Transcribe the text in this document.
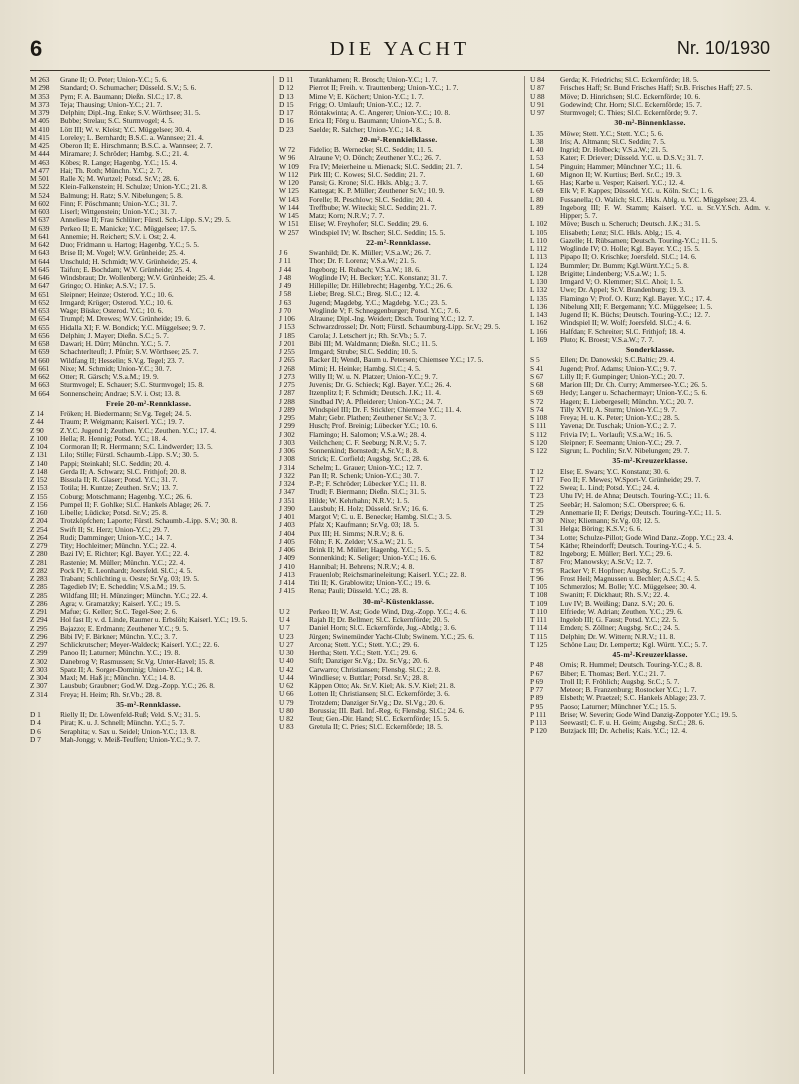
6	DIE YACHT	Nr. 10/1930
M 263	Grane II; O. Peter; Union-Y.C.; 5. 6.
M 298	Standard; O. Schumacher; Düsseld. S.V.; 5. 6.
M 353	Pym; F. A. Baumann; Dießn. Sl.C.; 17. 8.
M 373	Teja; Thausing; Union-Y.C.; 21. 7.
M 379	Delphin; Dipl.-Ing. Enke; S.V. Wörthsee; 31. 5.
M 405	Bubbe; Strelau; S.C. Sturmvogel; 4. 5.
M 410	Lött III; W. v. Kleist; Y.C. Müggelsee; 30. 4.
M 415	Loreley; L. Bernhardt; B.S.C. a. Wannsee; 21. 4.
M 425	Oberon II; E. Hirschmann; B.S.C. a. Wannsee; 2. 7.
M 444	Miramare; J. Schröder; Hambg. S.C.; 21. 4.
M 463	Köbes; R. Lange; Hagenbg. Y.C.; 15. 4.
M 477	Hai; Th. Roth; Münchn. Y.C.; 2. 7.
M 501	Ralle X; M. Wurtzel; Potsd. Sr.V.; 28. 6.
M 522	Klein-Falkenstein; H. Schulze; Union-Y.C.; 21. 8.
M 524	Balmung; H. Ratz; S.V. Nibelungen; 5. 8.
M 602	Finn; F. Pöschmann; Union-Y.C.; 31. 7.
M 603	Liserl; Wittgenstein; Union-Y.C.; 31. 7.
M 637	Anneliese II; Frau Schlüter; Fürstl. Sch.-Lipp. S.V.; 29. 5.
M 639	Perkeo II; E. Manicke; Y.C. Müggelsee; 17. 5.
M 641	Annemie; H. Reichert; S.V. i. Ost; 2. 4.
M 642	Duo; Fridmann u. Hartog; Hagenbg. Y.C.; 5. 5.
M 643	Brise II; M. Vogel; W.V. Grünheide; 25. 4.
M 644	Unschuld; H. Schmidt; W.V. Grünheide; 25. 4.
M 645	Taifun; E. Bochdam; W.V. Grünheide; 25. 4.
M 646	Windsbraut; Dr. Wollenberg; W.V. Grünheide; 25. 4.
M 647	Gringo; O. Hinke; A.S.V.; 17. 5.
M 651	Sleipner; Heinze; Osterod. Y.C.; 10. 6.
M 652	Irmgard; Krüger; Osterod. Y.C.; 10. 6.
M 653	Wage; Büske; Osterod. Y.C.; 10. 6.
M 654	Trumpf; M. Drewes; W.V. Grünheide; 19. 6.
M 655	Hidalla XI; F. W. Bondick; Y.C. Müggelsee; 9. 7.
M 656	Delphin; J. Mayer; Dießn. S.C.; 5. 7.
M 658	Dawari; H. Dürr; Münchn. Y.C.; 5. 7.
M 659	Schachterlteufl; J. Pfnür; S.V. Wörthsee; 25. 7.
M 660	Wildfang II; Hesselin; S.V.g. Tegel; 23. 7.
M 661	Nixe; M. Schmidt; Union-Y.C.; 30. 7.
M 662	Otter; R. Gärsch; V.S.a.M.; 19. 9.
M 663	Sturmvogel; E. Schauer; S.C. Sturmvogel; 15. 8.
M 664	Sonnenschein; Andrae; S.V. i. Ost; 13. 8.
Freie 20-m²-Rennklasse.
Z 14	Fröken; H. Biedermann; Sr.Vg. Tegel; 24. 5.
Z 44	Traum; P. Weigmann; Kaiserl. Y.C.; 19. 7.
Z 90	Z.Y.C. Jugend I; Zeuthen. Y.C.; Zeuthen. Y.C.; 17. 4.
Z 100	Hella; R. Hennig; Potsd. Y.C.; 18. 4.
Z 104	Cormoran II; R. Herrmann; S.C. Lindwerder; 13. 5.
Z 131	Lilo; Stille; Fürstl. Schaumb.-Lipp. S.V.; 30. 5.
Z 140	Pappi; Steinkahl; Sl.C. Seddin; 20. 4.
Z 148	Gerda II; A. Schwarz; Sl.C. Frithjof; 20. 8.
Z 152	Bissula II; R. Glaser; Potsd. Y.C.; 31. 7.
Z 153	Totila; H. Kuntze; Zeuthen. Sr.V.; 13. 7.
Z 155	Coburg; Motschmann; Hagenbg. Y.C.; 26. 6.
Z 156	Pumpel II; F. Gohlke; Sl.C. Hankels Ablage; 26. 7.
Z 160	Libelle; Lüdicke; Potsd. Sr.V.; 25. 8.
Z 204	Trotzköpfchen; Laporte; Fürstl. Schaumb.-Lipp. S.V.; 30. 8.
Z 254	Swift II; St. Herz; Union-Y.C.; 29. 7.
Z 264	Rudi; Damminger; Union-Y.C.; 14. 7.
Z 279	Tity; Hochleitner; Münchn. Y.C.; 22. 4.
Z 280	Bazi IV; E. Richter; Kgl. Bayer. Y.C.; 22. 4.
Z 281	Rastenie; M. Müller; Münchn. Y.C.; 22. 4.
Z 282	Pock IV; E. Leonhardt; Joersfeld. Sl.C.; 4. 5.
Z 283	Trabant; Schlichting u. Oeste; Sr.Vg. 03; 19. 5.
Z 285	Tagedieb IV; E. Scheddin; V.S.a.M.; 19. 5.
Z 285	Wildfang III; H. Münzinger; Münchn. Y.C.; 22. 4.
Z 286	Agra; v. Gramatzky; Kaiserl. Y.C.; 19. 5.
Z 291	Mafue; G. Keller; Sr.C. Tegel-See; 2. 6.
Z 294	Hol fast II; v. d. Linde, Raumer u. Erbslöh; Kaiserl. Y.C.; 19. 5.
Z 295	Bajazzo; E. Erdmann; Zeuthener Y.C.; 9. 5.
Z 296	Bibi IV; F. Birkner; Münchn. Y.C.; 3. 7.
Z 297	Schlickrutscher; Meyer-Waldeck; Kaiserl. Y.C.; 22. 6.
Z 299	Panoo II; Laturner; Münchn. Y.C.; 19. 8.
Z 302	Danebrog V; Rasmussen; Sr.Vg. Unter-Havel; 15. 8.
Z 303	Spatz II; A. Sorger-Dominig; Union-Y.C.; 14. 8.
Z 304	Maxl; M. Haß jr.; Münchn. Y.C.; 14. 8.
Z 307	Lausbub; Graubner; God.W. Dzg.-Zopp. Y.C.; 26. 8.
Z 314	Freya; H. Heim; Rh. Sr.Vb.; 28. 8.
35-m²-Rennklasse.
D 1	Rielly II; Dr. Löwenfeld-Ruß; Veld. S.V.; 31. 5.
D 4	Pirat; K. u. J. Schnell; Münchn. Y.C.; 5. 7.
D 6	Seraphita; v. Sax u. Seidel; Union-Y.C.; 13. 8.
D 7	Mah-Jongg; v. Meiß-Teuffen; Union-Y.C.; 9. 7.
D 11	Tutankhamen; R. Brosch; Union-Y.C.; 1. 7.
D 12	Pierrot II; Freih. v. Trauttenberg; Union-Y.C.; 1. 7.
D 13	Mime V; E. Köchert; Union-Y.C.; 1. 7.
D 15	Frigg; O. Umlauft; Union-Y.C.; 12. 7.
D 17	Röntakwinta; A. C. Angerer; Union-Y.C.; 10. 8.
D 16	Erica II; Förg u. Baumann; Union-Y.C.; 5. 8.
D 23	Saelde; R. Salcher; Union-Y.C.; 14. 8.
20-m²-Rennkielklasse.
W 72	Fidelio; B. Wernecke; Sl.C. Seddin; 11. 5.
W 96	Alraune V; O. Dönch; Zeuthener Y.C.; 26. 7.
W 109	Fra IV; Meierheine u. Mienack; Sl.C. Seddin; 21. 7.
W 112	Pirk III; C. Kowes; Sl.C. Seddin; 21. 7.
W 120	Pansi; G. Krone; Sl.C. Hkls. Ablg.; 3. 7.
W 125	Kattegat; K. P. Müller; Zeuthener Sr.V.; 10. 9.
W 143	Forelle; R. Peschlow; Sl.C. Seddin; 20. 4.
W 144	Treffbube; W. Witecki; Sl.C. Seddin; 21. 7.
W 145	Matz; Korn; N.R.V.; 7. 7.
W 151	Elise; W. Freyhofer; Sl.C. Seddin; 29. 6.
W 257	Windspiel IV; W. Ibscher; Sl.C. Seddin; 15. 5.
22-m²-Rennklasse.
J 6	Swanhild; Dr. K. Müller; V.S.a.W.; 26. 7.
J 11	Thor; Dr. F. Lorenz; V.S.a.W.; 21. 5.
J 44	Ingeborg; H. Rubach; V.S.a.W.; 18. 6.
J 48	Woglinde IV; H. Becker; Y.C. Konstanz; 31. 7.
J 49	Hillepille; Dr. Hillebrecht; Hagenbg. Y.C.; 26. 6.
J 58	Liebe; Breg. Sl.C.; Breg. Sl.C.; 12. 4.
J 63	Jugend; Magdebg. Y.C.; Magdebg. Y.C.; 23. 5.
J 70	Woglinde V; F. Schneggenburger; Potsd. Y.C.; 7. 6.
J 106	Alraune; Dipl.-Ing. Weidert; Dtsch. Touring Y.C.; 12. 7.
J 153	Schwarzdrossel; Dr. Nott; Fürstl. Schaumburg-Lipp. Sr.V.; 29. 5.
J 185	Carola; J. Letschert jr.; Rh. Sr.Vb.; 5. 7.
J 201	Bibi III; M. Waldmann; Dießn. Sl.C.; 11. 5.
J 255	Irmgard; Strube; Sl.C. Seddin; 10. 5.
J 265	Racker II; Wendl, Baum u. Petersen; Chiemsee Y.C.; 17. 5.
J 268	Mimi; H. Heinke; Hambg. Sl.C.; 4. 5.
J 273	Willy II; W. u. N. Platzer; Union-Y.C.; 9. 7.
J 275	Juvenis; Dr. G. Schieck; Kgl. Bayer. Y.C.; 26. 4.
J 287	Itzenplitz I; F. Schmidt; Deutsch. J.K.; 11. 4.
J 288	Sindbad IV; A. Pfleiderer; Union-Y.C.; 24. 7.
J 289	Windspiel III; Dr. F. Stickler; Chiemsee Y.C.; 11. 4.
J 295	Mahr; Gebr. Plathen; Zeuthener Sr.V.; 3. 7.
J 299	Husch; Prof. Breinig; Lübecker Y.C.; 10. 6.
J 302	Flamingo; H. Salomon; V.S.a.W.; 28. 4.
J 303	Veilchchen; C. F. Seeburg; N.R.V.; 5. 7.
J 306	Sonnenkind; Bornstedt; A.Sr.V.; 8. 8.
J 308	Strick; E. Corfield; Augsbg. Sr.C.; 28. 6.
J 314	Schelm; L. Grauer; Union-Y.C.; 12. 7.
J 322	Pan II; R. Schenk; Union-Y.C.; 30. 7.
J 324	P.-P.; F. Schröder; Lübecker Y.C.; 11. 8.
J 347	Trudl; F. Biermann; Dießn. Sl.C.; 31. 5.
J 351	Hilde; W. Kehrhahn; N.R.V.; 1. 5.
J 390	Lausbub; H. Holz; Düsseld. Sr.V.; 16. 6.
J 401	Margot V; C. u. E. Benecke; Hambg. Sl.C.; 3. 5.
J 403	Pfalz X; Kaufmann; Sr.Vg. 03; 18. 5.
J 404	Pux III; H. Simms; N.R.V.; 8. 6.
J 405	Föhn; F. K. Zelder; V.S.a.W.; 21. 5.
J 406	Brink II; M. Müller; Hagenbg. Y.C.; 5. 5.
J 409	Sonnenkind; K. Seliger; Union-Y.C.; 16. 6.
J 410	Hannibal; H. Behrens; N.R.V.; 4. 8.
J 413	Frauenlob; Reichsmarineleitung; Kaiserl. Y.C.; 22. 8.
J 414	Titi II; K. Grablowitz; Union-Y.C.; 19. 6.
J 415	Rena; Pauli; Düsseld. Y.C.; 28. 8.
30-m²-Küstenklasse.
U 2	Perkeo II; W. Ast; Gode Wind, Dzg.-Zopp. Y.C.; 4. 6.
U 4	Rajah II; Dr. Bellmer; Sl.C. Eckernförde; 20. 5.
U 7	Daniel Horn; Sl.C. Eckernförde, Jug.-Abtlg.; 3. 6.
U 23	Jürgen; Swinemünder Yacht-Club; Swinem. Y.C.; 25. 6.
U 27	Arcona; Stett. Y.C.; Stett. Y.C.; 29. 6.
U 30	Hertha; Stett. Y.C.; Stett. Y.C.; 29. 6.
U 40	Stift; Danziger Sr.Vg.; Dz. Sr.Vg.; 20. 6.
U 42	Carwarro; Christiansen; Flensbg. Sl.C.; 2. 8.
U 44	Windliese; v. Buttlar; Potsd. Sr.V.; 28. 8.
U 62	Käppen Otto; Ak. Sr.V. Kiel; Ak. S.V. Kiel; 21. 8.
U 66	Lotten II; Christiansen; Sl.C. Eckernförde; 3. 6.
U 79	Trotzdem; Danziger Sr.Vg.; Dz. Sl.Vg.; 20. 6.
U 80	Borussia; III. Batl. Inf.-Reg. 6; Flensbg. Sl.C.; 24. 6.
U 82	Teut; Gen.-Dir. Hand; Sl.C. Eckernförde; 15. 5.
U 83	Gretula II; C. Pries; Sl.C. Eckernförde; 18. 5.
U 84	Gerda; K. Friedrichs; Sl.C. Eckernförde; 18. 5.
U 87	Frisches Haff; Sr. Bund Frisches Haff; Sr.B. Frisches Haff; 27. 5.
U 88	Möve; D. Hinrichsen; Sl.C. Eckernförde; 10. 6.
U 91	Godewind; Chr. Horn; Sl.C. Eckernförde; 15. 7.
U 97	Sturmvogel; C. Thies; Sl.C. Eckernförde; 9. 7.
30-m²-Binnenklasse.
L 35	Möwe; Stett. Y.C.; Stett. Y.C.; 5. 6.
L 38	Iris; A. Altmann; Sl.C. Seddin; 7. 5.
L 40	Ingrid; Dr. Holbeck; V.S.a.W.; 21. 5.
L 53	Kater; F. Driever; Düsseld. Y.C. u. D.S.V.; 31. 7.
L 54	Pinguin; Hammer; Münchner Y.C.; 11. 6.
L 60	Mignon II; W. Kurtius; Berl. Sr.C.; 19. 3.
L 65	Has; Karbe u. Vesper; Kaiserl. Y.C.; 12. 4.
L 69	Elk V; F. Kappes; Düsseld. Y.C. u. Köln. Sr.C.; 1. 6.
L 80	Fussanella; O. Walich; Sl.C. Hkls. Ablg. u. Y.C. Müggelsee; 23. 4.
L 89	Ingeborg III; F. W. Stamm; Kaiserl. Y.C. u. Sr.V.Y.Sch. Adm. v. Hipper; 5. 7.
L 102	Möve; Busch u. Scheruch; Deutsch. J.K.; 31. 5.
L 105	Elisabeth; Lenz; Sl.C. Hkls. Ablg.; 15. 4.
L 110	Gazelle; H. Rübsamen; Deutsch. Touring-Y.C.; 11. 5.
L 112	Woglinde IV; O. Holle; Kgl. Bayer. Y.C.; 15. 5.
L 113	Pipapo II; O. Krischke; Joersfeld. Sl.C.; 14. 6.
L 124	Bummler; Dr. Bumm; Kgl.Württ.Y.C.; 5. 8.
L 128	Brigitte; Lindenberg; V.S.a.W.; 1. 5.
L 130	Irmgard V; O. Klemmer; Sl.C. Ahoi; 1. 5.
L 132	Uwe; Dr. Appel; Sr.V. Brandenburg; 19. 3.
L 135	Flamingo V; Prof. O. Kurz; Kgl. Bayer. Y.C.; 17. 4.
L 136	Nibelung XII; F. Bergemann; Y.C. Müggelsee; 1. 5.
L 143	Jugend II; K. Büchs; Deutsch. Touring-Y.C.; 12. 7.
L 162	Windspiel II; W. Wolf; Joersfeld. Sl.C.; 4. 6.
L 166	Halfdan; F. Schreiter; Sl.C. Frithjof; 18. 4.
L 169	Pluto; K. Broest; V.S.a.W.; 7. 7.
Sonderklasse.
S 5	Ellen; Dr. Danowski; S.C.Baltic; 29. 4.
S 41	Jugend; Prof. Adams; Union-Y.C.; 9. 7.
S 67	Lilly II; F. Gumpinger; Union-Y.C.; 20. 7.
S 68	Marion III; Dr. Ch. Curry; Ammersee-Y.C.; 26. 5.
S 69	Hedy; Langer u. Schachermayr; Union-Y.C.; 5. 6.
S 72	Hagen; E. Liebergesell; Münchn. Y.C.; 20. 7.
S 74	Tilly XVII; A. Sturm; Union-Y.C.; 9. 7.
S 108	Freya; H. u. K. Peter; Union-Y.C.; 28. 5.
S 111	Yavena; Dr. Tuschak; Union-Y.C.; 2. 7.
S 112	Frivia IV; L. Vorlaufi; V.S.a.W.; 16. 5.
S 120	Sleipner; F. Seemann; Union-Y.C.; 29. 7.
S 122	Sigrun; L. Pochlin; Sr.V. Nibelungen; 29. 7.
35-m²-Kreuzerklasse.
T 12	Else; E. Swars; Y.C. Konstanz; 30. 6.
T 17	Feo II; F. Mewes; W.Sport-V. Grünheide; 29. 7.
T 22	Swea; L. Lind; Potsd. Y.C.; 24. 4.
T 23	Uhu IV; H. de Ahna; Deutsch. Touring-Y.C.; 11. 6.
T 25	Seebär; H. Salomon; S.C. Oberspree; 6. 6.
T 29	Annemarie II; F. Derigs; Deutsch. Touring-Y.C.; 11. 5.
T 30	Nixe; Kliemann; Sr.Vg. 03; 12. 5.
T 31	Helga; Böring; K.S.V.; 6. 6.
T 34	Lotte; Schulze-Pillot; Gode Wind Danz.-Zopp. Y.C.; 23. 4.
T 54	Käthe; Rheindorff; Deutsch. Touring-Y.C.; 4. 5.
T 82	Ingeborg; E. Müller; Berl. Y.C.; 29. 6.
T 87	Fro; Manowsky; A.Sr.V.; 12. 7.
T 95	Racker V; F. Hopfner; Augsbg. Sr.C.; 5. 7.
T 96	Frost Heil; Magnussen u. Bechler; A.S.C.; 4. 5.
T 105	Schmerzlos; M. Bolle; Y.C. Müggelsee; 30. 4.
T 108	Swanitt; F. Dickhaut; Rh. S.V.; 22. 4.
T 109	Luv IV; B. Weißing; Danz. S.V.; 20. 6.
T 110	Elfriede; W. Adrian; Zeuthen. Y.C.; 29. 6.
T 111	Ingelob III; G. Faust; Potsd. Y.C.; 22. 5.
T 114	Emden; S. Zöllner; Augsbg. Sr.C.; 24. 5.
T 115	Delphin; Dr. W. Wittern; N.R.V.; 11. 8.
T 125	Schöne Lau; Dr. Lempertz; Kgl. Württ. Y.C.; 5. 7.
45-m²-Kreuzerklasse.
P 48	Ornis; R. Hummel; Deutsch. Touring-Y.C.; 8. 8.
P 67	Biber; E. Thomas; Berl. Y.C.; 21. 7.
P 69	Troll II; F. Fröhlich; Augsbg. Sr.C.; 5. 7.
P 77	Meteor; B. Franzenburg; Rostocker Y.C.; 1. 7.
P 89	Elsbeth; W. Praetzel; S.C. Hankels Ablage; 23. 7.
P 95	Paoso; Laturner; Münchner Y.C.; 15. 5.
P 111	Brise; W. Severin; Gode Wind Danzig-Zoppoter Y.C.; 19. 5.
P 113	Seewastl; C. F. u. H. Geim; Augsbg. Sr.C.; 28. 6.
P 120	Butzjack III; Dr. Achelis; Kais. Y.C.; 12. 4.
